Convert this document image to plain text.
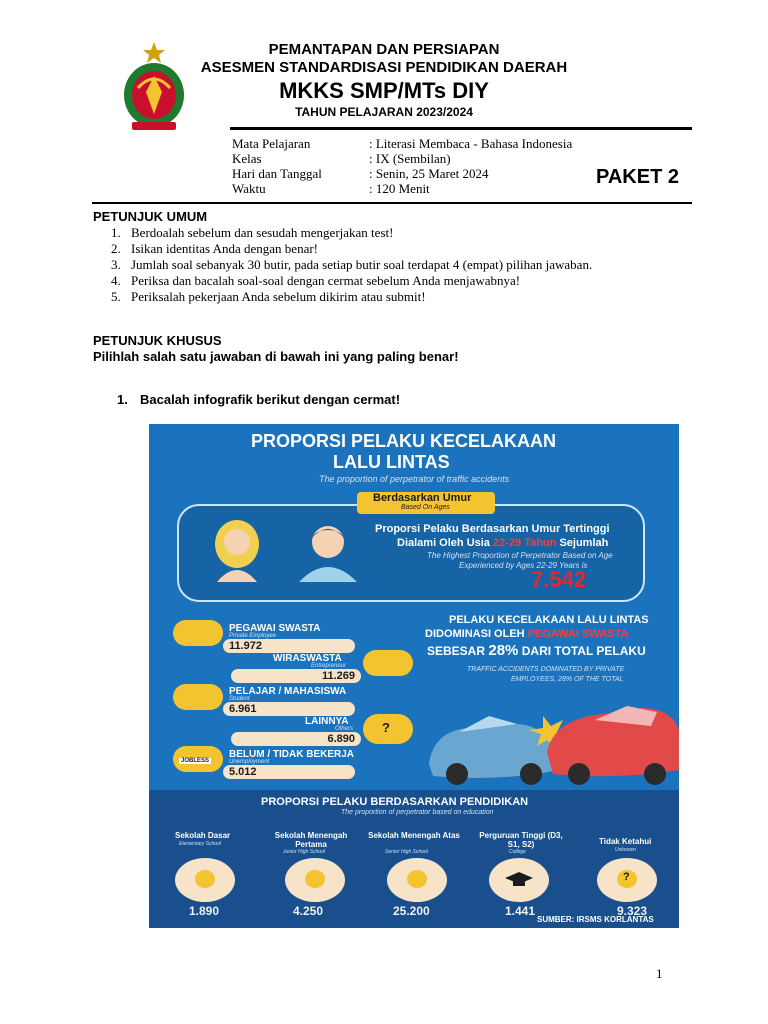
PEMANTAPAN DAN PERSIAPAN
ASESMEN STANDARDISASI PENDIDIKAN DAERAH
MKKS SMP/MTs DIY
TAHUN PELAJARAN 2023/2024
Mata Pelajaran	: Literasi Membaca - Bahasa Indonesia
Kelas	: IX (Sembilan)
Hari dan Tanggal	: Senin, 25 Maret 2024
Waktu	: 120 Menit
PAKET 2
PETUNJUK UMUM
1. Berdoalah sebelum dan sesudah mengerjakan test!
2. Isikan identitas Anda dengan benar!
3. Jumlah soal sebanyak 30 butir, pada setiap butir soal terdapat 4 (empat) pilihan jawaban.
4. Periksa dan bacalah soal-soal dengan cermat sebelum Anda menjawabnya!
5. Periksalah pekerjaan Anda sebelum dikirim atau submit!
PETUNJUK KHUSUS
Pilihlah salah satu jawaban di bawah ini yang paling benar!
1. Bacalah infografik berikut dengan cermat!
PROPORSI PELAKU KECELAKAAN
LALU LINTAS
The proportion of perpetrator of traffic accidents
Berdasarkan Umur
Based On Ages
Proporsi Pelaku Berdasarkan Umur Tertinggi
Dialami Oleh Usia 22-29 Tahun Sejumlah
The Highest Proportion of Perpetrator Based on Age
Experienced by Ages 22-29 Years is
7.542
PEGAWAI SWASTA
Private Employee
11.972
WIRASWASTA
Entrepreneur
11.269
PELAJAR / MAHASISWA
Student
6.961
?
LAINNYA
Others
6.890
JOBLESS
BELUM / TIDAK BEKERJA
Unemployment
5.012
PELAKU KECELAKAAN LALU LINTAS
DIDOMINASI OLEH PEGAWAI SWASTA
SEBESAR 28% DARI TOTAL PELAKU
TRAFFIC ACCIDENTS DOMINATED BY PRIVATE
EMPLOYEES, 28% OF THE TOTAL
PROPORSI PELAKU BERDASARKAN PENDIDIKAN
The proportion of perpetrator based on education
Sekolah Dasar
Elementary School
Sekolah Menengah Pertama
Junior High School
Sekolah Menengah Atas
Senior High School
Perguruan Tinggi (D3, S1, S2)
College
Tidak Ketahui
Unknown
?
1.890	4.250	25.200	1.441	9.323
SUMBER: IRSMS KORLANTAS
1
